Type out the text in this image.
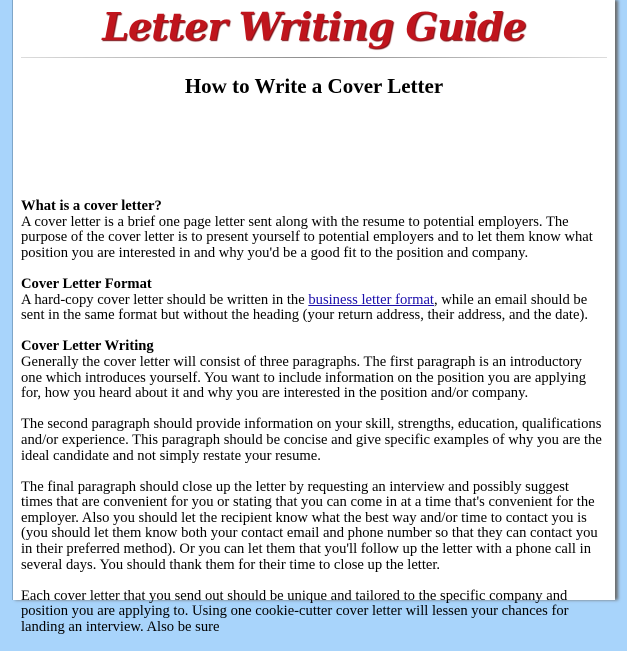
Letter Writing Guide
How to Write a Cover Letter

What is a cover letter?
A cover letter is a brief one page letter sent along with the resume to potential employers. The purpose of the cover letter is to present yourself to potential employers and to let them know what position you are interested in and why you'd be a good fit to the position and company.

Cover Letter Format
A hard-copy cover letter should be written in the business letter format, while an email should be sent in the same format but without the heading (your return address, their address, and the date).

Cover Letter Writing
Generally the cover letter will consist of three paragraphs. The first paragraph is an introductory one which introduces yourself. You want to include information on the position you are applying for, how you heard about it and why you are interested in the position and/or company.

The second paragraph should provide information on your skill, strengths, education, qualifications and/or experience. This paragraph should be concise and give specific examples of why you are the ideal candidate and not simply restate your resume.

The final paragraph should close up the letter by requesting an interview and possibly suggest times that are convenient for you or stating that you can come in at a time that's convenient for the employer. Also you should let the recipient know what the best way and/or time to contact you is (you should let them know both your contact email and phone number so that they can contact you in their preferred method). Or you can let them that you'll follow up the letter with a phone call in several days. You should thank them for their time to close up the letter.

Each cover letter that you send out should be unique and tailored to the specific company and position you are applying to. Using one cookie-cutter cover letter will lessen your chances for landing an interview. Also be sure
